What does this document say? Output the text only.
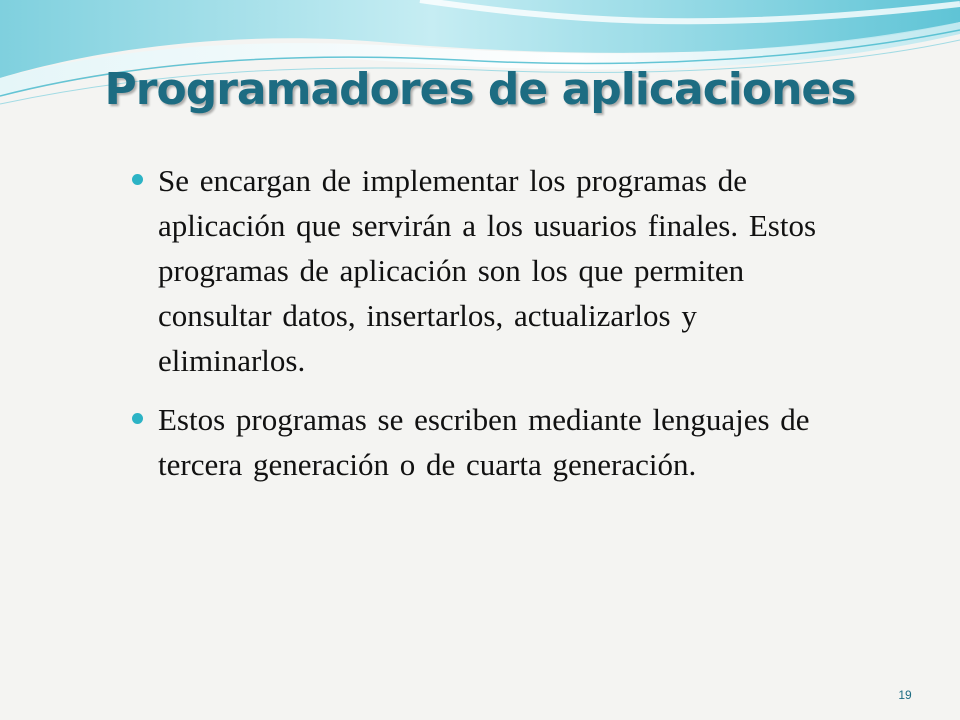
Programadores de aplicaciones
Se encargan de implementar los programas de aplicación que servirán a los usuarios finales. Estos programas de aplicación son los que permiten consultar datos, insertarlos, actualizarlos y eliminarlos.
Estos programas se escriben mediante lenguajes de tercera generación o de cuarta generación.
19
